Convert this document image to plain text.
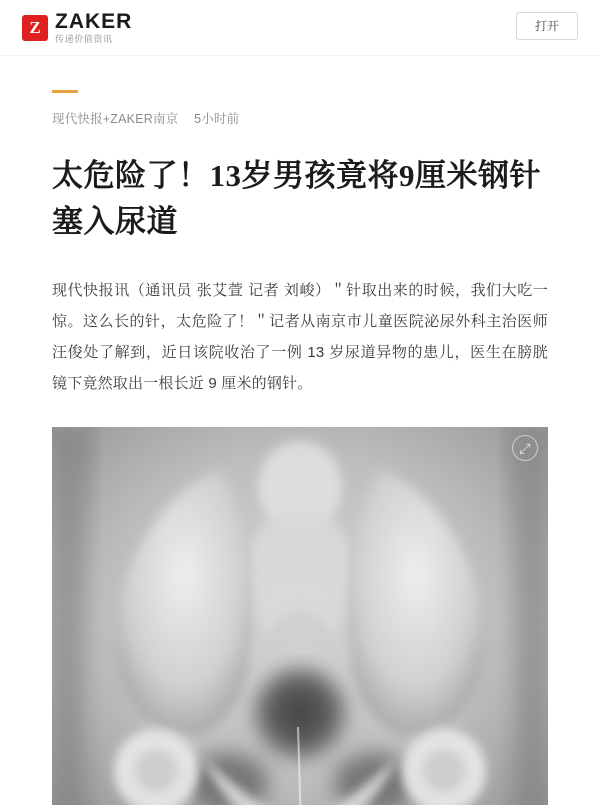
Z ZAKER
传递价值资讯
打开
现代快报+ZAKER南京 5小时前
太危险了！13岁男孩竟将9厘米钢针塞入尿道

现代快报讯（通讯员 张艾萱 记者 刘峻）＂针取出来的时候，我们大吃一惊。这么长的针，太危险了！＂记者从南京市儿童医院泌尿外科主治医师汪俊处了解到，近日该院收治了一例 13 岁尿道异物的患儿，医生在膀胱镜下竟然取出一根长近 9 厘米的钢针。

⤢
